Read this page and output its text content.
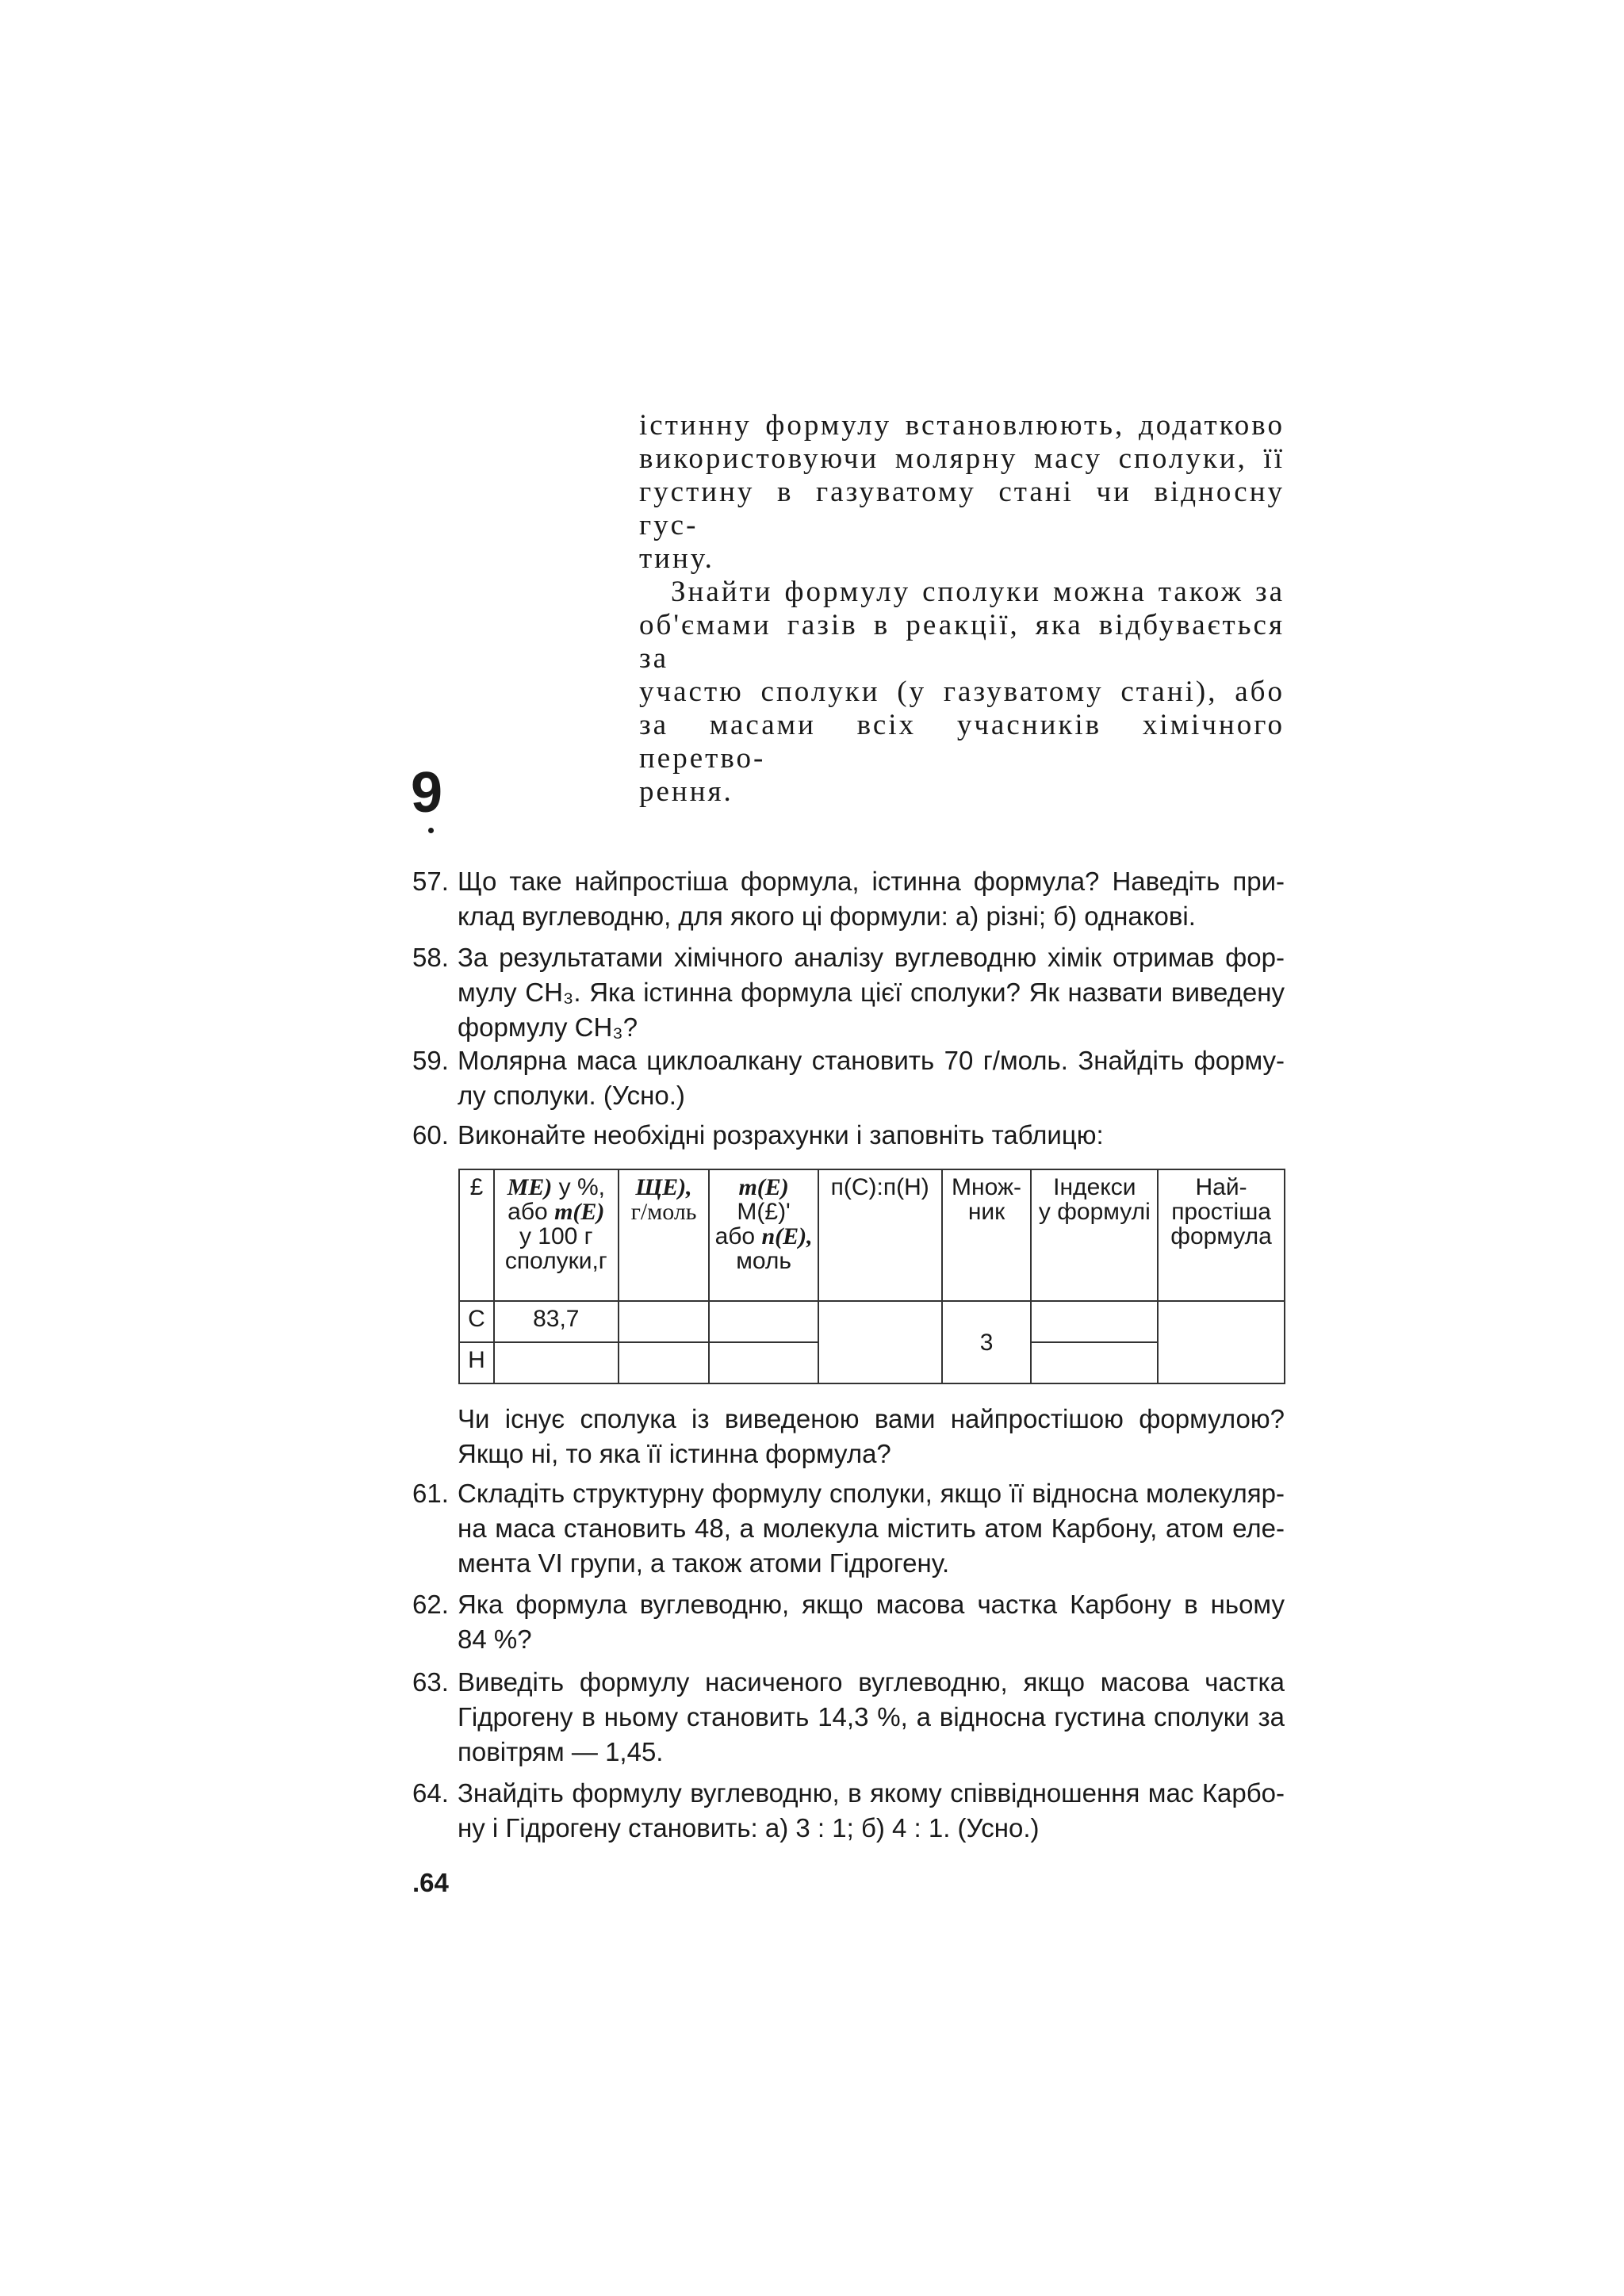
істинну формулу встановлюють, додатково
використовуючи молярну масу сполуки, її
густину в газуватому стані чи відносну гус-
тину.

Знайти формулу сполуки можна також за
об'ємами газів в реакції, яка відбувається за
участю сполуки (у газуватому стані), або
за масами всіх учасників хімічного перетво-
рення.

9
57. Що таке найпростіша формула, істинна формула? Наведіть при-
клад вуглеводню, для якого ці формули: а) різні; б) однакові.
58. За результатами хімічного аналізу вуглеводню хімік отримав фор-
мулу СН₃. Яка істинна формула цієї сполуки? Як назвати виведену
формулу СН₃?
59. Молярна маса циклоалкану становить 70 г/моль. Знайдіть форму-
лу сполуки. (Усно.)
60. Виконайте необхідні розрахунки і заповніть таблицю:
£	МЕ) у %,
або m(E)
у 100 г
сполуки,г	ЩЕ),
г/моль	m(E)
М(£)'
або n(E),
моль	п(С):п(Н)	Множ-
ник	Індекси
у формулі	Най-
простіша
формула
С	83,7				3		
Н							
Чи існує сполука із виведеною вами найпростішою формулою?
Якщо ні, то яка її істинна формула?
61. Складіть структурну формулу сполуки, якщо її відносна молекуляр-
на маса становить 48, а молекула містить атом Карбону, атом еле-
мента VI групи, а також атоми Гідрогену.
62. Яка формула вуглеводню, якщо масова частка Карбону в ньому
84 %?
63. Виведіть формулу насиченого вуглеводню, якщо масова частка
Гідрогену в ньому становить 14,3 %, а відносна густина сполуки за
повітрям — 1,45.
64. Знайдіть формулу вуглеводню, в якому співвідношення мас Карбо-
ну і Гідрогену становить: а) 3 : 1; б) 4 : 1. (Усно.)
.64
